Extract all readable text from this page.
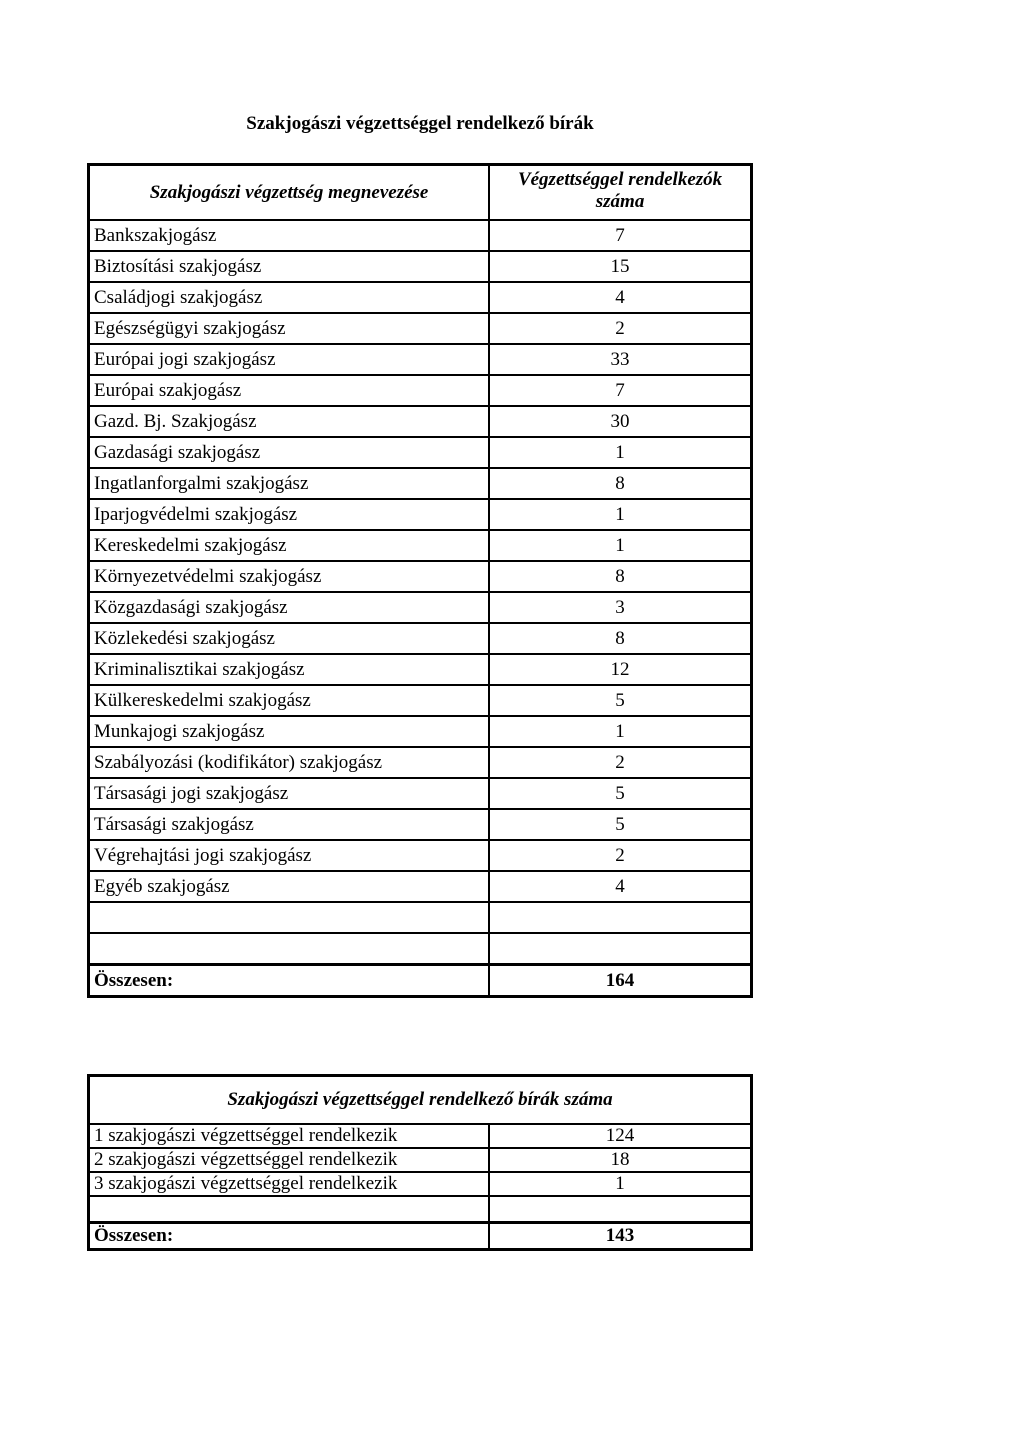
Szakjogászi végzettséggel rendelkező bírák
Szakjogászi végzettség megnevezése	Végzettséggel rendelkezók száma
Bankszakjogász	7
Biztosítási szakjogász	15
Családjogi szakjogász	4
Egészségügyi szakjogász	2
Európai jogi szakjogász	33
Európai szakjogász	7
Gazd. Bj. Szakjogász	30
Gazdasági szakjogász	1
Ingatlanforgalmi szakjogász	8
Iparjogvédelmi szakjogász	1
Kereskedelmi szakjogász	1
Környezetvédelmi szakjogász	8
Közgazdasági szakjogász	3
Közlekedési szakjogász	8
Kriminalisztikai szakjogász	12
Külkereskedelmi szakjogász	5
Munkajogi szakjogász	1
Szabályozási (kodifikátor) szakjogász	2
Társasági jogi szakjogász	5
Társasági szakjogász	5
Végrehajtási jogi szakjogász	2
Egyéb szakjogász	4

Összesen:	164
Szakjogászi végzettséggel rendelkező bírák száma	
1 szakjogászi végzettséggel rendelkezik	124
2 szakjogászi végzettséggel rendelkezik	18
3 szakjogászi végzettséggel rendelkezik	1

Összesen:	143
